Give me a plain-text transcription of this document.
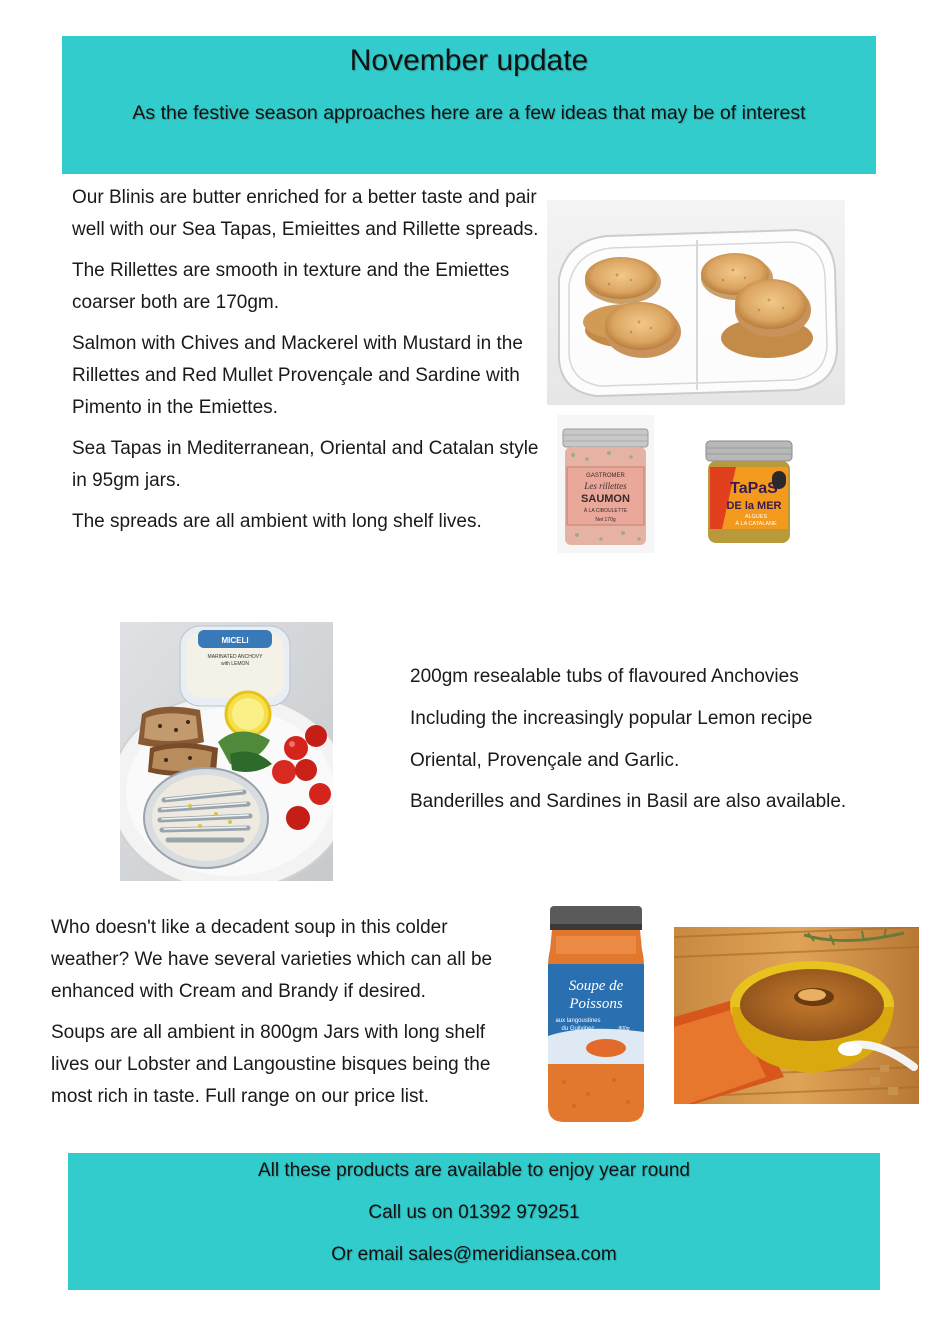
November update
As the festive season approaches here are a few ideas that may be of interest

Our Blinis are butter enriched for a better taste and pair well with our Sea Tapas, Emieittes and Rillette spreads.

The Rillettes are smooth in texture and the Emiettes coarser both are 170gm.

Salmon with Chives and Mackerel with Mustard in the Rillettes and Red Mullet Provençale and Sardine with Pimento in the Emiettes.

Sea Tapas in Mediterranean, Oriental and Catalan style in 95gm jars.

The spreads are all ambient with long shelf lives.

GASTROMER
Les rillettes
SAUMON
À LA CIBOULETTE
Net 170g
TaPaS
DE la MER
ALGUES
À LA CATALANE
MICELI
MARINATED ANCHOVY
with LEMON
200gm resealable tubs of flavoured Anchovies
Including the increasingly popular Lemon recipe
Oriental, Provençale and Garlic.
Banderilles and Sardines in Basil are also available.

Who doesn't like a decadent soup in this colder weather? We have several varieties which can all be enhanced with Cream and Brandy if desired.

Soups are all ambient in 800gm Jars with long shelf lives our Lobster and Langoustine bisques being the most rich in taste. Full range on our price list.

Soupe de
Poissons
aux langoustines
du Guilvinec	800g
All these products are available to enjoy year round
Call us on 01392 979251
Or email sales@meridiansea.com
